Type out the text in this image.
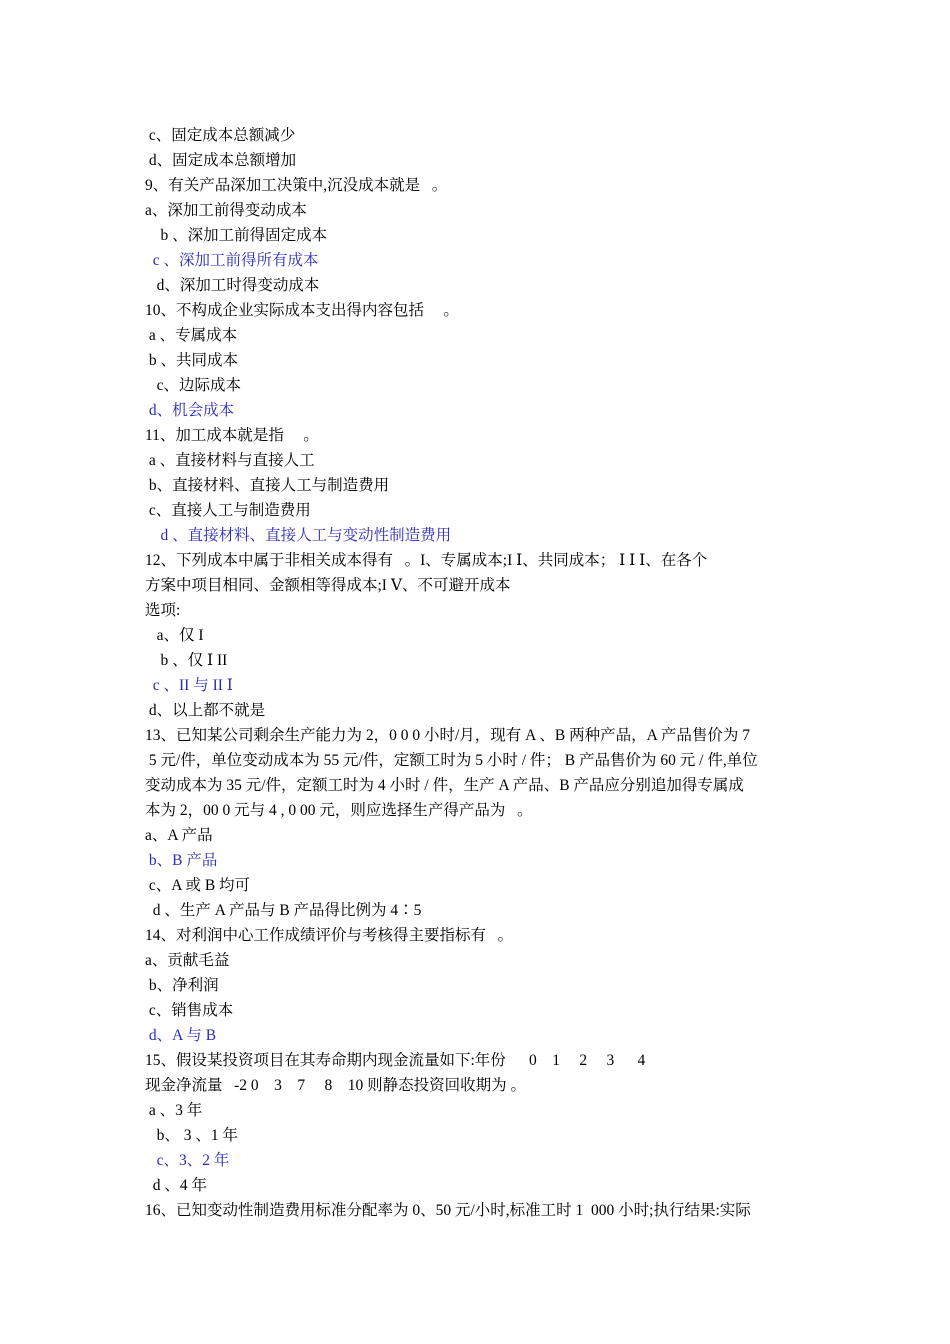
c、固定成本总额减少
d、固定成本总额增加
9、有关产品深加工决策中,沉没成本就是   。
a、深加工前得变动成本
b 、深加工前得固定成本
c 、深加工前得所有成本
d、深加工时得变动成本
10、不构成企业实际成本支出得内容包括     。
a 、专属成本
b 、共同成本
c、边际成本
d、机会成本
11、加工成本就是指     。
a 、直接材料与直接人工
b、直接材料、直接人工与制造费用
c、直接人工与制造费用
d 、直接材料、直接人工与变动性制造费用
12、下列成本中属于非相关成本得有   。I、专属成本;I Ⅰ、共同成本； Ⅰ Ⅰ Ⅰ、在各个
方案中项目相同、金额相等得成本;I Ⅴ、不可避开成本
选项:
a、仅 I
b 、仅 Ⅰ II
c 、II 与 II Ⅰ
d、以上都不就是
13、已知某公司剩余生产能力为 2，0 0 0 小时/月，现有 A 、B 两种产品，A 产品售价为 7
5 元/件，单位变动成本为 55 元/件，定额工时为 5 小时 / 件； B 产品售价为 60 元 / 件,单位
变动成本为 35 元/件，定额工时为 4 小时 / 件，生产 A 产品、B 产品应分别追加得专属成
本为 2，00 0 元与 4 , 0 00 元，则应选择生产得产品为   。
a、A 产品
b、B 产品
c、A 或 B 均可
d 、生产 A 产品与 B 产品得比例为 4∶5
14、对利润中心工作成绩评价与考核得主要指标有   。
a、贡献毛益
b、净利润
c、销售成本
d、A 与 B
15、假设某投资项目在其寿命期内现金流量如下:年份      0    1     2     3      4
现金净流量   -2 0    3    7     8    10 则静态投资回收期为 。
a 、3 年
b、 3 、1 年
c、3、2 年
d 、4 年
16、已知变动性制造费用标准分配率为 0、50 元/小时,标准工时 1  000 小时;执行结果:实际
